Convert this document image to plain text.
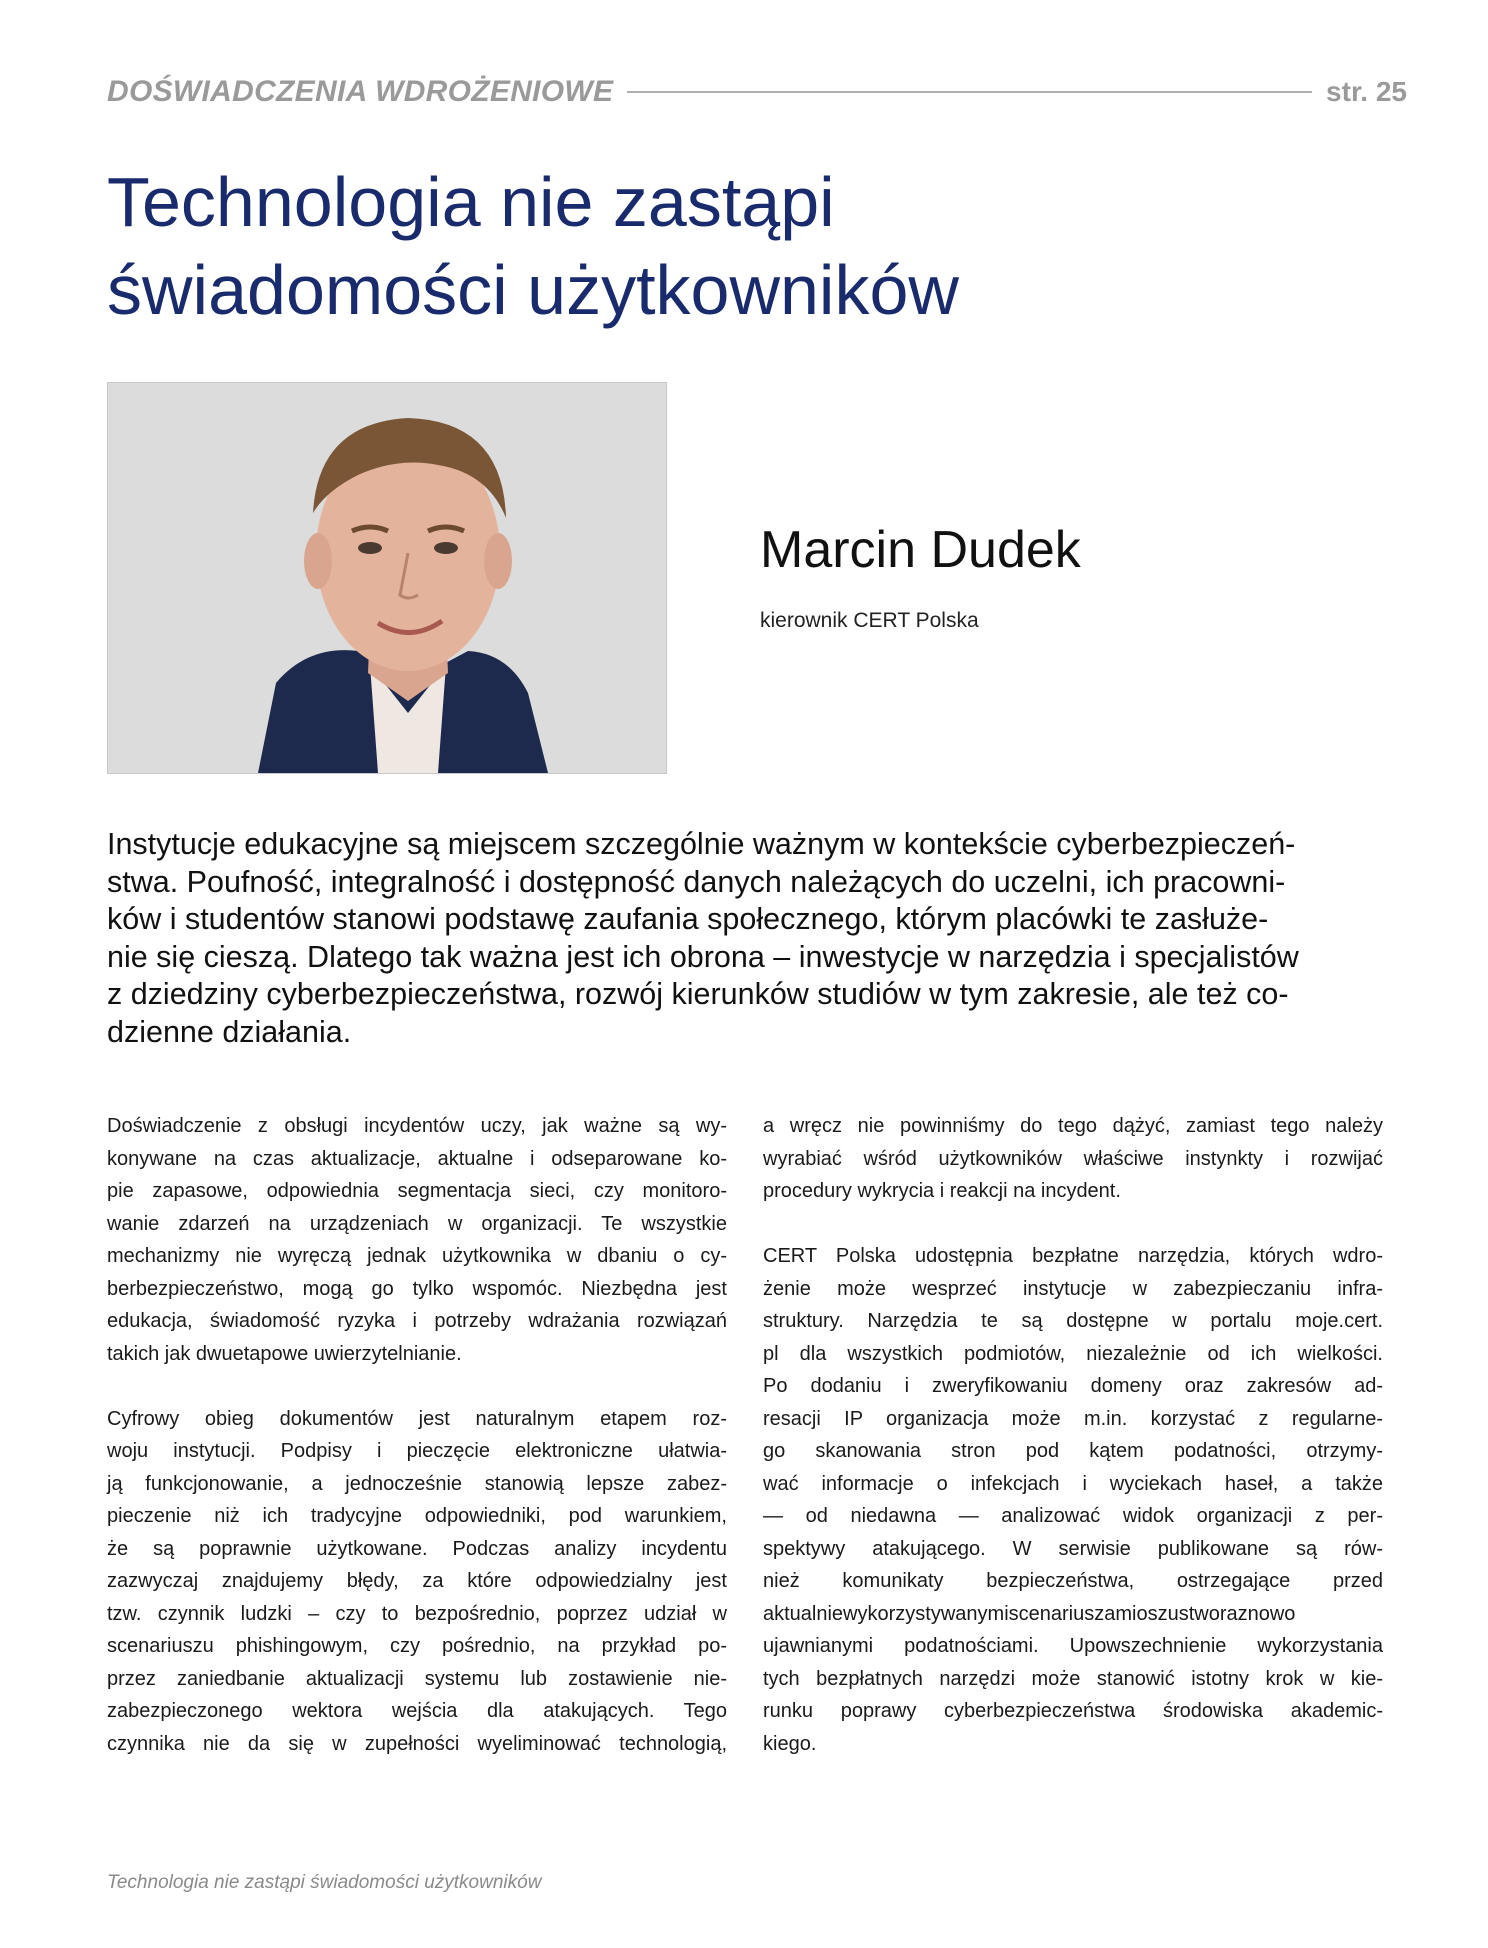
DOŚWIADCZENIA WDROŻENIOWE	str. 25
Technologia nie zastąpi
świadomości użytkowników
Marcin Dudek
kierownik CERT Polska

Instytucje edukacyjne są miejscem szczególnie ważnym w kontekście cyberbezpieczeń-
stwa. Poufność, integralność i dostępność danych należących do uczelni, ich pracowni-
ków i studentów stanowi podstawę zaufania społecznego, którym placówki te zasłuże-
nie się cieszą. Dlatego tak ważna jest ich obrona – inwestycje w narzędzia i specjalistów
z dziedziny cyberbezpieczeństwa, rozwój kierunków studiów w tym zakresie, ale też co-
dzienne działania.

Doświadczenie z obsługi incydentów uczy, jak ważne są wy-
konywane na czas aktualizacje, aktualne i odseparowane ko-
pie zapasowe, odpowiednia segmentacja sieci, czy monitoro-
wanie zdarzeń na urządzeniach w organizacji. Te wszystkie
mechanizmy nie wyręczą jednak użytkownika w dbaniu o cy-
berbezpieczeństwo, mogą go tylko wspomóc. Niezbędna jest
edukacja, świadomość ryzyka i potrzeby wdrażania rozwiązań
takich jak dwuetapowe uwierzytelnianie.

Cyfrowy obieg dokumentów jest naturalnym etapem roz-
woju instytucji. Podpisy i pieczęcie elektroniczne ułatwia-
ją funkcjonowanie, a jednocześnie stanowią lepsze zabez-
pieczenie niż ich tradycyjne odpowiedniki, pod warunkiem,
że są poprawnie użytkowane. Podczas analizy incydentu
zazwyczaj znajdujemy błędy, za które odpowiedzialny jest
tzw. czynnik ludzki – czy to bezpośrednio, poprzez udział w
scenariuszu phishingowym, czy pośrednio, na przykład po-
przez zaniedbanie aktualizacji systemu lub zostawienie nie-
zabezpieczonego wektora wejścia dla atakujących. Tego
czynnika nie da się w zupełności wyeliminować technologią,

a wręcz nie powinniśmy do tego dążyć, zamiast tego należy
wyrabiać wśród użytkowników właściwe instynkty i rozwijać
procedury wykrycia i reakcji na incydent.

CERT Polska udostępnia bezpłatne narzędzia, których wdro-
żenie może wesprzeć instytucje w zabezpieczaniu infra-
struktury. Narzędzia te są dostępne w portalu moje.cert.
pl dla wszystkich podmiotów, niezależnie od ich wielkości.
Po dodaniu i zweryfikowaniu domeny oraz zakresów ad-
resacji IP organizacja może m.in. korzystać z regularne-
go skanowania stron pod kątem podatności, otrzymy-
wać informacje o infekcjach i wyciekach haseł, a także
— od niedawna — analizować widok organizacji z per-
spektywy atakującego. W serwisie publikowane są rów-
nież komunikaty bezpieczeństwa, ostrzegające przed
aktualniewykorzystywanymiscenariuszamioszustworaznowo
ujawnianymi podatnościami. Upowszechnienie wykorzystania
tych bezpłatnych narzędzi może stanowić istotny krok w kie-
runku poprawy cyberbezpieczeństwa środowiska akademic-
kiego.

Technologia nie zastąpi świadomości użytkowników
